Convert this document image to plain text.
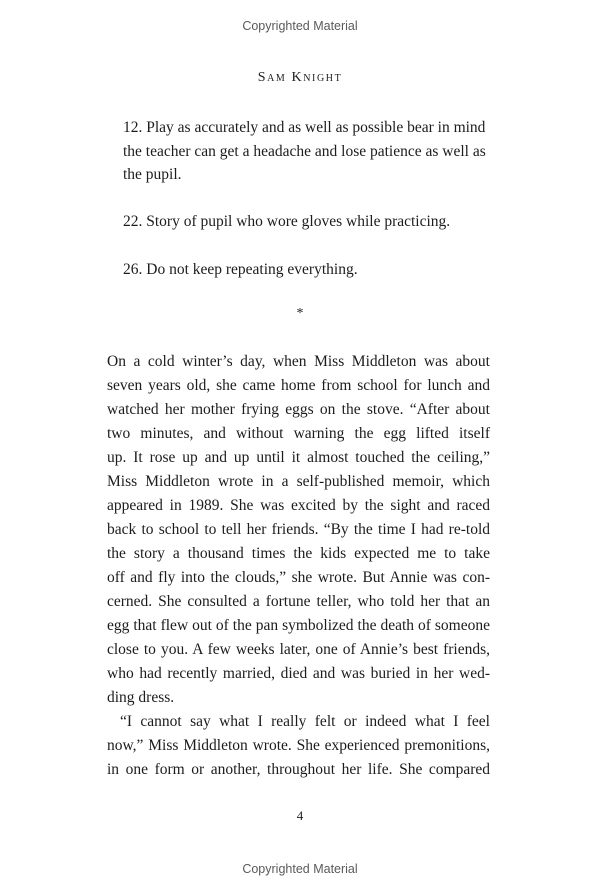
Copyrighted Material
Sam Knight
12. Play as accurately and as well as possible bear in mind the teacher can get a headache and lose patience as well as the pupil.
22. Story of pupil who wore gloves while practicing.
26. Do not keep repeating everything.
*
On a cold winter’s day, when Miss Middleton was about
seven years old, she came home from school for lunch and
watched her mother frying eggs on the stove. “After about
two minutes, and without warning the egg lifted itself
up. It rose up and up until it almost touched the ceiling,”
Miss Middleton wrote in a self-published memoir, which
appeared in 1989. She was excited by the sight and raced
back to school to tell her friends. “By the time I had re-told
the story a thousand times the kids expected me to take
off and fly into the clouds,” she wrote. But Annie was con-
cerned. She consulted a fortune teller, who told her that an
egg that flew out of the pan symbolized the death of someone
close to you. A few weeks later, one of Annie’s best friends,
who had recently married, died and was buried in her wed-
ding dress.
“I cannot say what I really felt or indeed what I feel
now,” Miss Middleton wrote. She experienced premonitions,
in one form or another, throughout her life. She compared
4
Copyrighted Material
